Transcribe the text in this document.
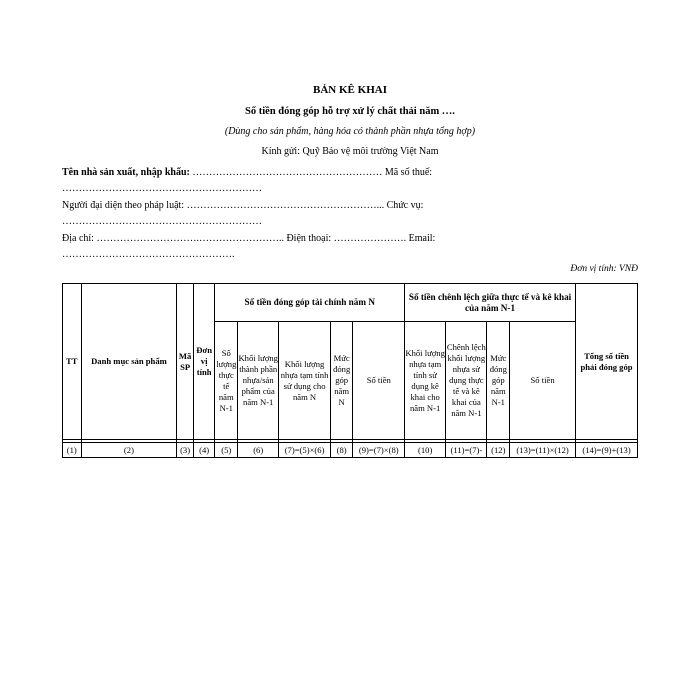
BẢN KÊ KHAI
Số tiền đóng góp hỗ trợ xử lý chất thải năm ….
(Dùng cho sản phẩm, hàng hóa có thành phần nhựa tổng hợp)
Kính gửi: Quỹ Bảo vệ môi trường Việt Nam
Tên nhà sản xuất, nhập khẩu: ………………………………………………… Mã số thuế:
……………………………………………………
Người đại diện theo pháp luật: …………………………………………………... Chức vụ:
……………………………………………………
Địa chỉ: ………………………….…………………….. Điện thoại: …………………. Email:
…………………………………………….
Đơn vị tính: VNĐ
TT	Danh mục sản phẩm	Mã SP	Đơn vị tính	Số tiền đóng góp tài chính năm N					Số tiền chênh lệch giữa thực tế và kê khai của năm N-1				Tổng số tiền phải đóng góp
				Số lượng thực tế năm N-1	Khối lượng thành phần nhựa/sản phẩm của năm N-1	Khối lượng nhựa tạm tính sử dụng cho năm N	Mức đóng góp năm N	Số tiền	Khối lượng nhựa tạm tính sử dụng kê khai cho năm N-1	Chênh lệch khối lượng nhựa sử dụng thực tế và kê khai của năm N-1	Mức đóng góp năm N-1	Số tiền	

(1)	(2)	(3)	(4)	(5)	(6)	(7)=(5)×(6)	(8)	(9)=(7)×(8)	(10)	(11)=(7)-	(12)	(13)=(11)×(12)	(14)=(9)+(13)
